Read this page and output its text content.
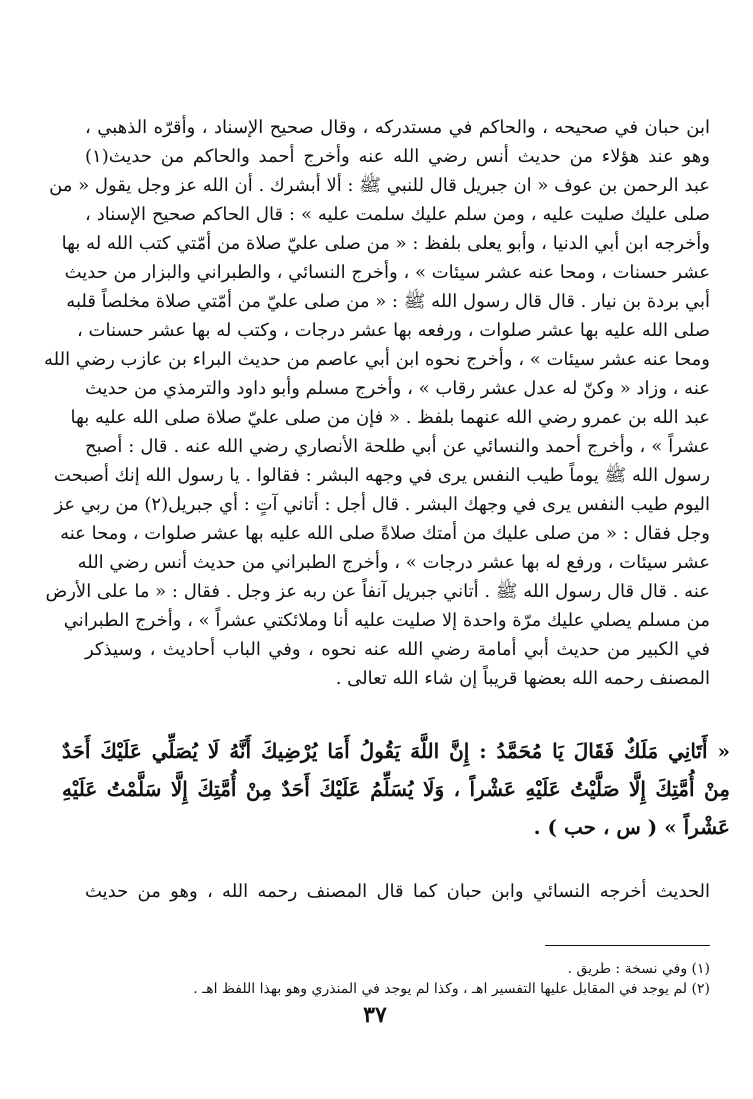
ابن حبان في صحيحه ، والحاكم في مستدركه ، وقال صحيح الإسناد ، وأقرّه الذهبي ،
وهو عند هؤلاء من حديث أنس رضي الله عنه وأخرج أحمد والحاكم من حديث(١)
عبد الرحمن بن عوف « ان جبريل قال للنبي ﷺ : ألا أبشرك . أن الله عز وجل يقول « من
صلى عليك صليت عليه ، ومن سلم عليك سلمت عليه » : قال الحاكم صحيح الإسناد ،
وأخرجه ابن أبي الدنيا ، وأبو يعلى بلفظ : « من صلى عليّ صلاة من أمّتي كتب الله له بها
عشر حسنات ، ومحا عنه عشر سيئات » ، وأخرج النسائي ، والطبراني والبزار من حديث
أبي بردة بن نيار . قال قال رسول الله ﷺ : « من صلى عليّ من أمّتي صلاة مخلصاً قلبه
صلى الله عليه بها عشر صلوات ، ورفعه بها عشر درجات ، وكتب له بها عشر حسنات ،
ومحا عنه عشر سيئات » ، وأخرج نحوه ابن أبي عاصم من حديث البراء بن عازب رضي الله
عنه ، وزاد « وكنّ له عدل عشر رقاب » ، وأخرج مسلم وأبو داود والترمذي من حديث
عبد الله بن عمرو رضي الله عنهما بلفظ . « فإن من صلى عليّ صلاة صلى الله عليه بها
عشراً » ، وأخرج أحمد والنسائي عن أبي طلحة الأنصاري رضي الله عنه . قال : أصبح
رسول الله ﷺ يوماً طيب النفس يرى في وجهه البشر : فقالوا . يا رسول الله إنك أصبحت
اليوم طيب النفس يرى في وجهك البشر . قال أجل : أتاني آتٍ : أي جبريل(٢) من ربي عز
وجل فقال : « من صلى عليك من أمتك صلاةً صلى الله عليه بها عشر صلوات ، ومحا عنه
عشر سيئات ، ورفع له بها عشر درجات » ، وأخرج الطبراني من حديث أنس رضي الله
عنه . قال قال رسول الله ﷺ . أتاني جبريل آنفاً عن ربه عز وجل . فقال : « ما على الأرض
من مسلم يصلي عليك مرّة واحدة إلا صليت عليه أنا وملائكتي عشراً » ، وأخرج الطبراني
في الكبير من حديث أبي أمامة رضي الله عنه نحوه ، وفي الباب أحاديث ، وسيذكر
المصنف رحمه الله بعضها قريباً إن شاء الله تعالى .
« أَتَانِي مَلَكٌ فَقَالَ يَا مُحَمَّدُ : إِنَّ اللَّهَ يَقُولُ أَمَا يُرْضِيكَ أَنَّهُ لَا يُصَلِّي عَلَيْكَ أَحَدٌ
مِنْ أُمَّتِكَ إِلَّا صَلَّيْتُ عَلَيْهِ عَشْراً ، وَلَا يُسَلِّمُ عَلَيْكَ أَحَدٌ مِنْ أُمَّتِكَ إِلَّا سَلَّمْتُ عَلَيْهِ
عَشْراً » ( س ، حب ) .
الحديث أخرجه النسائي وابن حبان كما قال المصنف رحمه الله ، وهو من حديث
(١) وفي نسخة : طريق .
(٢) لم يوجد في المقابل عليها التفسير اهـ ، وكذا لم يوجد في المنذري وهو بهذا اللفظ اهـ .
٣٧
